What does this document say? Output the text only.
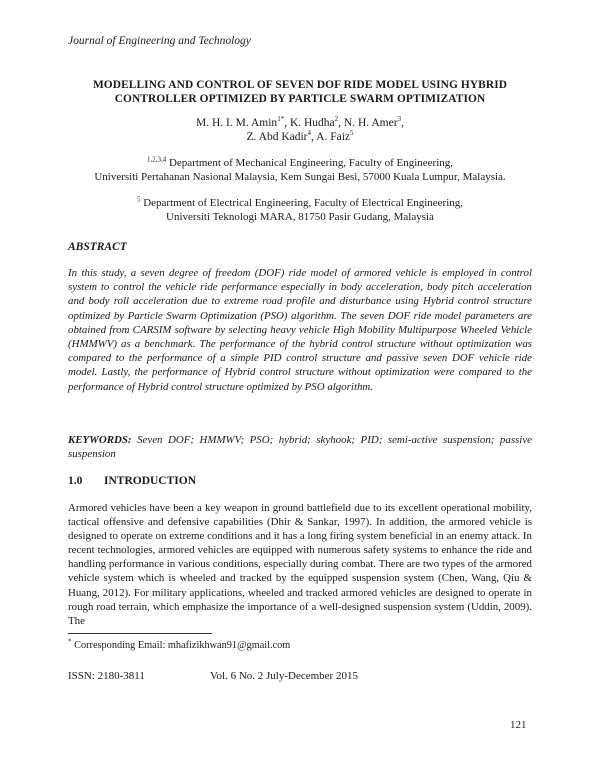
Journal of Engineering and Technology
MODELLING AND CONTROL OF SEVEN DOF RIDE MODEL USING HYBRID
CONTROLLER OPTIMIZED BY PARTICLE SWARM OPTIMIZATION
M. H. I. M. Amin$^{1*}$, K. Hudha$^2$, N. H. Amer$^3$,
Z. Abd Kadir$^4$, A. Faiz$^5$
$^{1,2,3,4}$ Department of Mechanical Engineering, Faculty of Engineering,
Universiti Pertahanan Nasional Malaysia, Kem Sungai Besi, 57000 Kuala Lumpur, Malaysia.
$^5$ Department of Electrical Engineering, Faculty of Electrical Engineering,
Universiti Teknologi MARA, 81750 Pasir Gudang, Malaysia
ABSTRACT
In this study, a seven degree of freedom (DOF) ride model of armored vehicle is employed in control system to control the vehicle ride performance especially in body acceleration, body pitch acceleration and body roll acceleration due to extreme road profile and disturbance using Hybrid control structure optimized by Particle Swarm Optimization (PSO) algorithm. The seven DOF ride model parameters are obtained from CARSIM software by selecting heavy vehicle High Mobility Multipurpose Wheeled Vehicle (HMMWV) as a benchmark. The performance of the hybrid control structure without optimization was compared to the performance of a simple PID control structure and passive seven DOF vehicle ride model. Lastly, the performance of Hybrid control structure without optimization were compared to the performance of Hybrid control structure optimized by PSO algorithm.
KEYWORDS: Seven DOF; HMMWV; PSO; hybrid; skyhook; PID; semi-active suspension; passive suspension
1.0 INTRODUCTION
Armored vehicles have been a key weapon in ground battlefield due to its excellent operational mobility, tactical offensive and defensive capabilities (Dhir & Sankar, 1997). In addition, the armored vehicle is designed to operate on extreme conditions and it has a long firing system beneficial in an enemy attack. In recent technologies, armored vehicles are equipped with numerous safety systems to enhance the ride and handling performance in various conditions, especially during combat. There are two types of the armored vehicle system which is wheeled and tracked by the equipped suspension system (Chen, Wang, Qiu & Huang, 2012). For military applications, wheeled and tracked armored vehicles are designed to operate in rough road terrain, which emphasize the importance of a well-designed suspension system (Uddin, 2009). The
* Corresponding Email: mhafizikhwan91@gmail.com
ISSN: 2180-3811	Vol. 6 No. 2 July-December 2015
121
